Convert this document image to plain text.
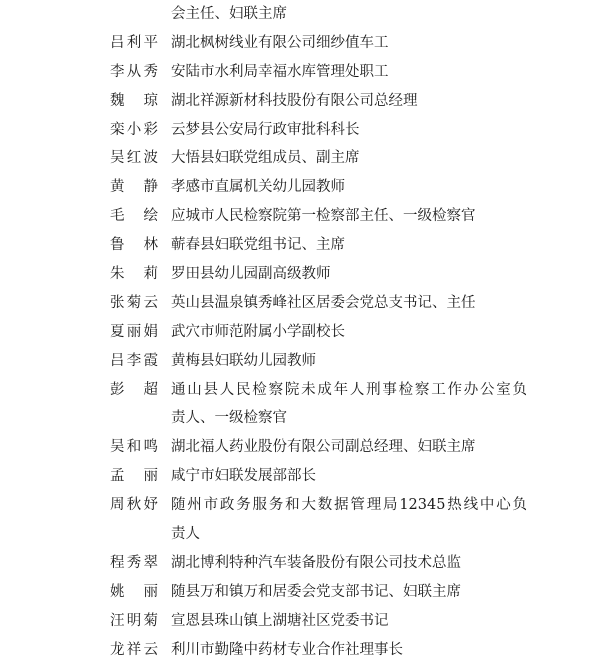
会主任、妇联主席
吕利平 湖北枫树线业有限公司细纱值车工
李从秀 安陆市水利局幸福水库管理处职工
魏　琼 湖北祥源新材科技股份有限公司总经理
栾小彩 云梦县公安局行政审批科科长
吴红波 大悟县妇联党组成员、副主席
黄　静 孝感市直属机关幼儿园教师
毛　绘 应城市人民检察院第一检察部主任、一级检察官
鲁　林 蕲春县妇联党组书记、主席
朱　莉 罗田县幼儿园副高级教师
张菊云 英山县温泉镇秀峰社区居委会党总支书记、主任
夏丽娟 武穴市师范附属小学副校长
吕李霞 黄梅县妇联幼儿园教师
彭　超 通山县人民检察院未成年人刑事检察工作办公室负
责人、一级检察官
吴和鸣 湖北福人药业股份有限公司副总经理、妇联主席
孟　丽 咸宁市妇联发展部部长
周秋妤 随州市政务服务和大数据管理局12345热线中心负
责人
程秀翠 湖北博利特种汽车装备股份有限公司技术总监
姚　丽 随县万和镇万和居委会党支部书记、妇联主席
汪明菊 宣恩县珠山镇上湖塘社区党委书记
龙祥云 利川市勤隆中药材专业合作社理事长
